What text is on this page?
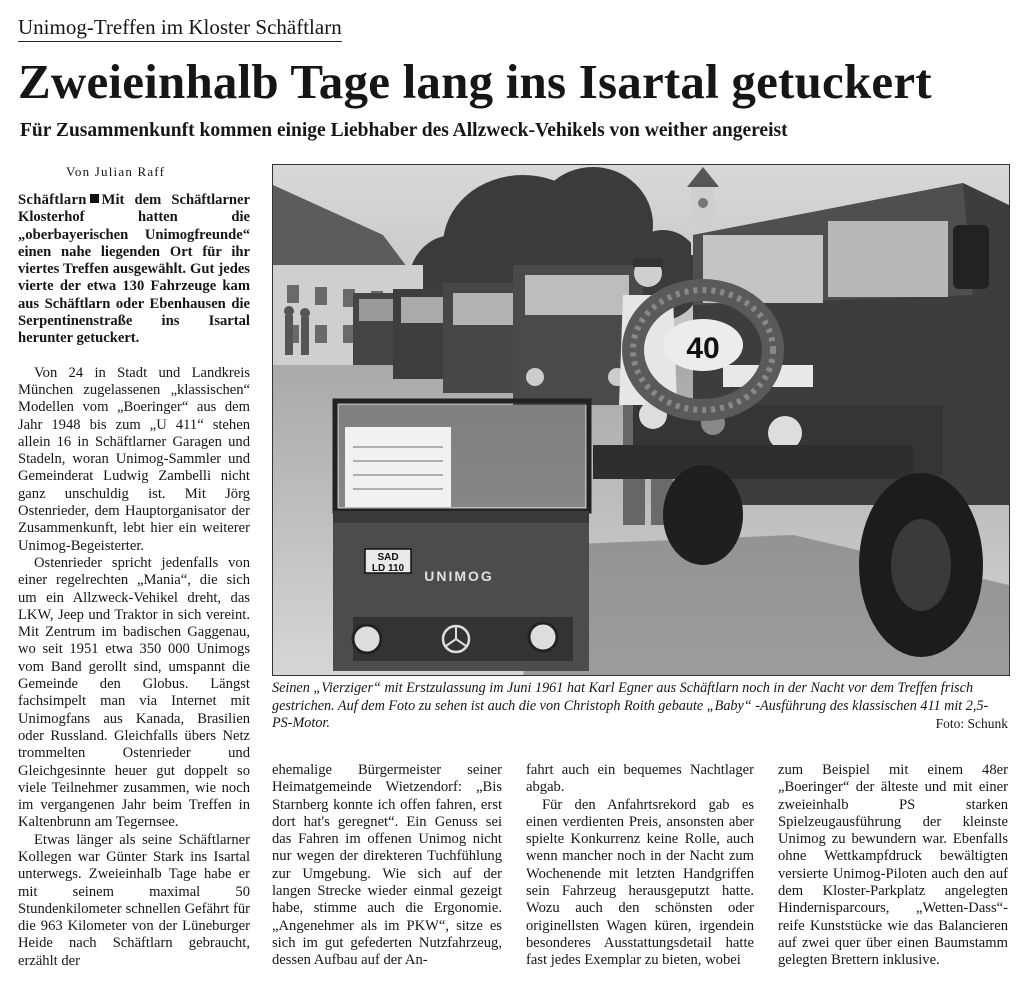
Unimog-Treffen im Kloster Schäftlarn
Zweieinhalb Tage lang ins Isartal getuckert
Für Zusammenkunft kommen einige Liebhaber des Allzweck-Vehikels von weither angereist
Von Julian Raff

Schäftlarn Mit dem Schäftlarner Klosterhof hatten die „oberbayerischen Unimogfreunde“ einen nahe liegenden Ort für ihr viertes Treffen ausgewählt. Gut jedes vierte der etwa 130 Fahrzeuge kam aus Schäftlarn oder Ebenhausen die Serpentinenstraße ins Isartal herunter getuckert.

Von 24 in Stadt und Landkreis München zugelassenen „klassischen“ Modellen vom „Boeringer“ aus dem Jahr 1948 bis zum „U 411“ stehen allein 16 in Schäftlarner Garagen und Stadeln, woran Unimog-Sammler und Gemeinderat Ludwig Zambelli nicht ganz unschuldig ist. Mit Jörg Ostenrieder, dem Hauptorganisator der Zusammenkunft, lebt hier ein weiterer Unimog-Begeisterter.

Ostenrieder spricht jedenfalls von einer regelrechten „Mania“, die sich um ein Allzweck-Vehikel dreht, das LKW, Jeep und Traktor in sich vereint. Mit Zentrum im badischen Gaggenau, wo seit 1951 etwa 350 000 Unimogs vom Band gerollt sind, umspannt die Gemeinde den Globus. Längst fachsimpelt man via Internet mit Unimogfans aus Kanada, Brasilien oder Russland. Gleichfalls übers Netz trommelten Ostenrieder und Gleichgesinnte heuer gut doppelt so viele Teilnehmer zusammen, wie noch im vergangenen Jahr beim Treffen in Kaltenbrunn am Tegernsee.

Etwas länger als seine Schäftlarner Kollegen war Günter Stark ins Isartal unterwegs. Zweieinhalb Tage habe er mit seinem maximal 50 Stundenkilometer schnellen Gefährt für die 963 Kilometer von der Lüneburger Heide nach Schäftlarn gebraucht, erzählt der

40
SAD
LD 110 UNIMOG
Seinen „Vierziger“ mit Erstzulassung im Juni 1961 hat Karl Egner aus Schäftlarn noch in der Nacht vor dem Treffen frisch gestrichen. Auf dem Foto zu sehen ist auch die von Christoph Roith gebaute „Baby“ -Ausführung des klassischen 411 mit 2,5-PS-Motor.	Foto: Schunk

ehemalige Bürgermeister seiner Heimatgemeinde Wietzendorf: „Bis Starnberg konnte ich offen fahren, erst dort hat's geregnet“. Ein Genuss sei das Fahren im offenen Unimog nicht nur wegen der direkteren Tuchfühlung zur Umgebung. Wie sich auf der langen Strecke wieder einmal gezeigt habe, stimme auch die Ergonomie. „Angenehmer als im PKW“, sitze es sich im gut gefederten Nutzfahrzeug, dessen Aufbau auf der An-

fahrt auch ein bequemes Nachtlager abgab.

Für den Anfahrtsrekord gab es einen verdienten Preis, ansonsten aber spielte Konkurrenz keine Rolle, auch wenn mancher noch in der Nacht zum Wochenende mit letzten Handgriffen sein Fahrzeug herausgeputzt hatte. Wozu auch den schönsten oder originellsten Wagen küren, irgendein besonderes Ausstattungsdetail hatte fast jedes Exemplar zu bieten, wobei

zum Beispiel mit einem 48er „Boeringer“ der älteste und mit einer zweieinhalb PS starken Spielzeugausführung der kleinste Unimog zu bewundern war. Ebenfalls ohne Wettkampfdruck bewältigten versierte Unimog-Piloten auch den auf dem Kloster-Parkplatz angelegten Hindernisparcours, „Wetten-Dass“-reife Kunststücke wie das Balancieren auf zwei quer über einen Baumstamm gelegten Brettern inklusive.
